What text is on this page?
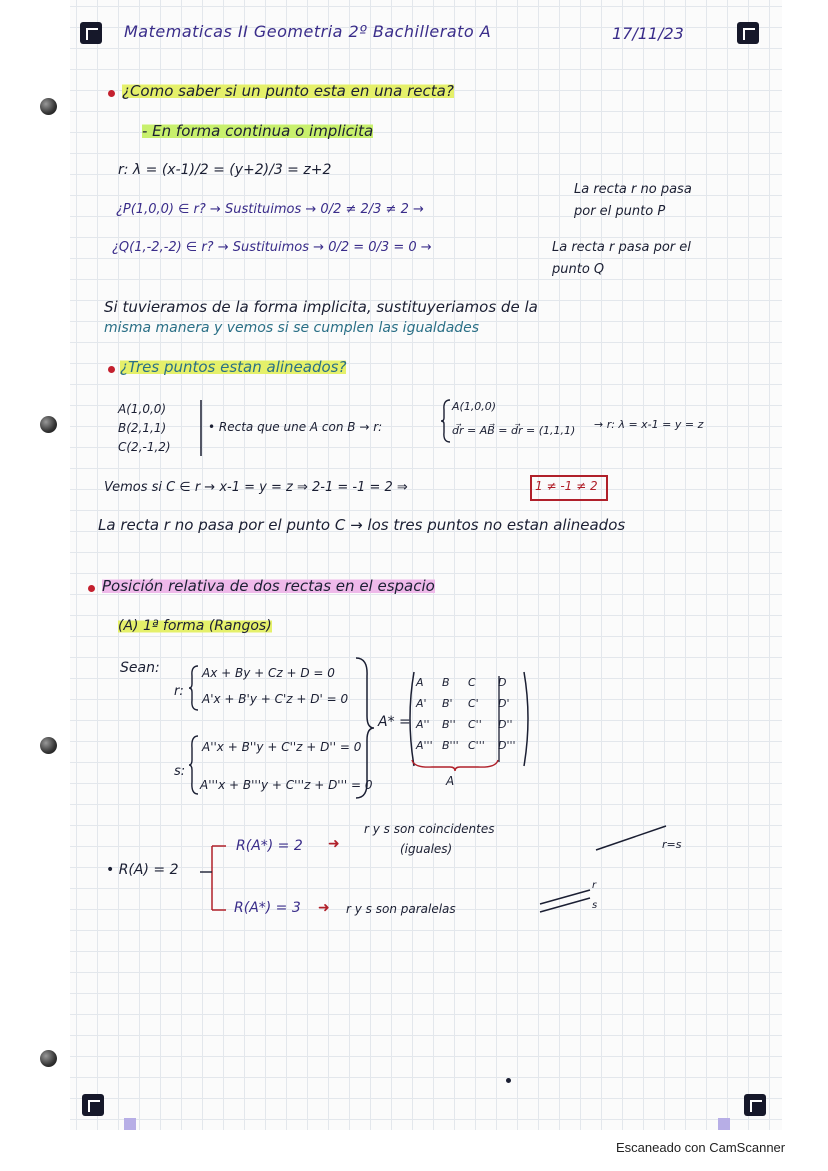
Matematicas II Geometria 2º Bachillerato A	17/11/23
¿Como saber si un punto esta en una recta?
- En forma continua o implicita
r: λ = (x-1)/2 = (y+2)/3 = z+2
¿P(1,0,0) ∈ r? → Sustituimos → 0/2 ≠ 2/3 ≠ 2 →
La recta r no pasa
por el punto P
¿Q(1,-2,-2) ∈ r? → Sustituimos → 0/2 = 0/3 = 0 →	La recta r pasa por el
punto Q
Si tuvieramos de la forma implicita, sustituyeriamos de la
misma manera y vemos si se cumplen las igualdades
¿Tres puntos estan alineados?
A(1,0,0)
B(2,1,1)
C(2,-1,2)
• Recta que une A con B → r:
A(1,0,0)
d⃗r = AB⃗ = d⃗r = (1,1,1) → r: λ = x-1 = y = z
Vemos si C ∈ r → x-1 = y = z ⇒ 2-1 = -1 = 2 ⇒	1 ≠ -1 ≠ 2
La recta r no pasa por el punto C → los tres puntos no estan alineados
Posición relativa de dos rectas en el espacio
(A) 1ª forma (Rangos)
Sean:
r:
s:
Ax + By + Cz + D = 0
A'x + B'y + C'z + D' = 0
A''x + B''y + C''z + D'' = 0
A'''x + B'''y + C'''z + D''' = 0
A* =
A B C D
A' B' C' D'
A'' B'' C'' D''
A''' B''' C''' D'''
A
• R(A) = 2
R(A*) = 2 ➜
r y s son coincidentes
(iguales)	r=s
R(A*) = 3 ➜ r y s son paralelas
r
s
Escaneado con CamScanner
